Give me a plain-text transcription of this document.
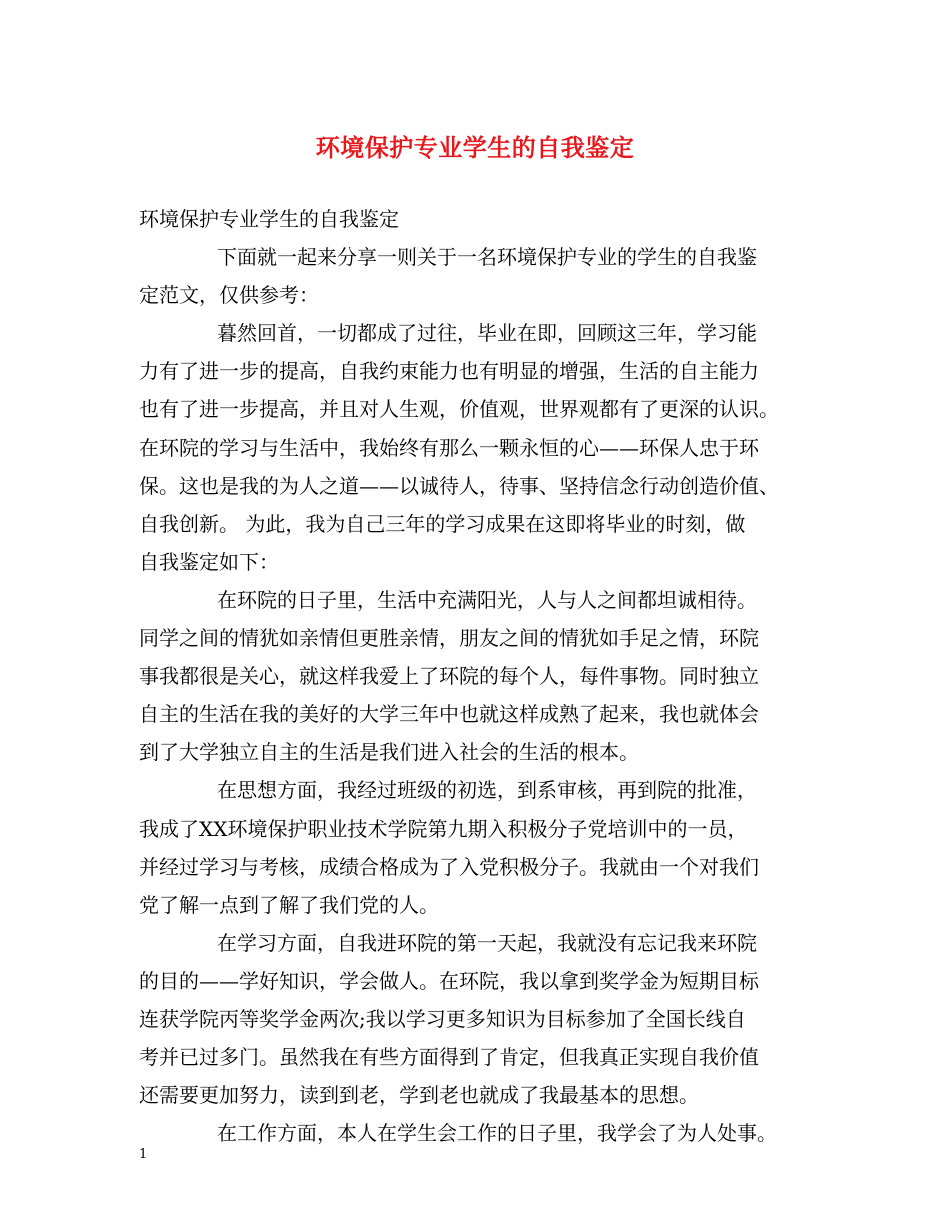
环境保护专业学生的自我鉴定
环境保护专业学生的自我鉴定
下面就一起来分享一则关于一名环境保护专业的学生的自我鉴
定范文，仅供参考：
暮然回首，一切都成了过往，毕业在即，回顾这三年，学习能
力有了进一步的提高，自我约束能力也有明显的增强，生活的自主能力
也有了进一步提高，并且对人生观，价值观，世界观都有了更深的认识。
在环院的学习与生活中，我始终有那么一颗永恒的心——环保人忠于环
保。这也是我的为人之道——以诚待人，待事、坚持信念行动创造价值、
自我创新。 为此，我为自己三年的学习成果在这即将毕业的时刻，做
自我鉴定如下：
在环院的日子里，生活中充满阳光，人与人之间都坦诚相待。
同学之间的情犹如亲情但更胜亲情，朋友之间的情犹如手足之情，环院
事我都很是关心，就这样我爱上了环院的每个人，每件事物。同时独立
自主的生活在我的美好的大学三年中也就这样成熟了起来，我也就体会
到了大学独立自主的生活是我们进入社会的生活的根本。
在思想方面，我经过班级的初选，到系审核，再到院的批准，
我成了XX环境保护职业技术学院第九期入积极分子党培训中的一员，
并经过学习与考核，成绩合格成为了入党积极分子。我就由一个对我们
党了解一点到了解了我们党的人。
在学习方面，自我进环院的第一天起，我就没有忘记我来环院
的目的——学好知识，学会做人。在环院，我以拿到奖学金为短期目标
连获学院丙等奖学金两次;我以学习更多知识为目标参加了全国长线自
考并已过多门。虽然我在有些方面得到了肯定，但我真正实现自我价值
还需要更加努力，读到到老，学到老也就成了我最基本的思想。
在工作方面，本人在学生会工作的日子里，我学会了为人处事。
1
